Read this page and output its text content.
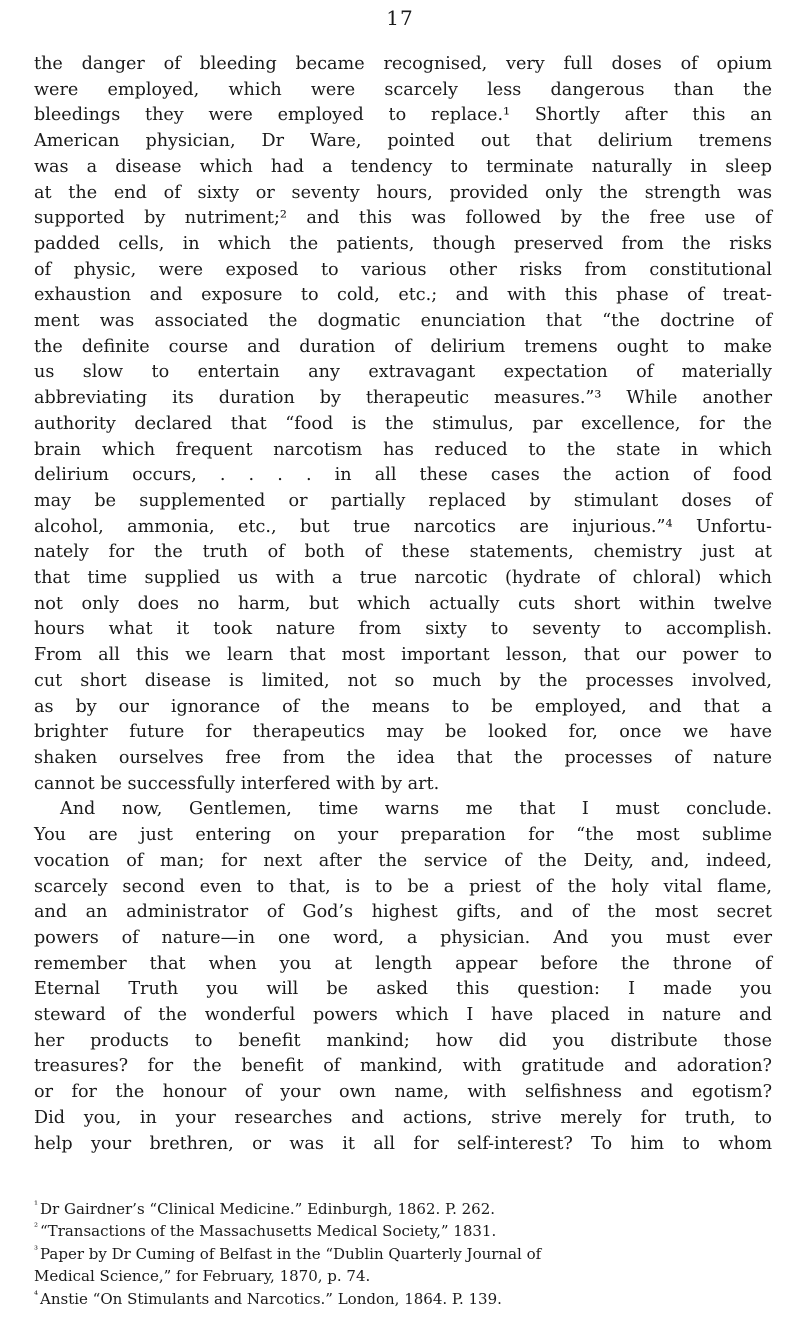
17
the danger of bleeding became recognised, very full doses of opium
were employed, which were scarcely less dangerous than the
bleedings they were employed to replace.¹ Shortly after this an
American physician, Dr Ware, pointed out that delirium tremens
was a disease which had a tendency to terminate naturally in sleep
at the end of sixty or seventy hours, provided only the strength was
supported by nutriment;² and this was followed by the free use of
padded cells, in which the patients, though preserved from the risks
of physic, were exposed to various other risks from constitutional
exhaustion and exposure to cold, etc.; and with this phase of treat-
ment was associated the dogmatic enunciation that “the doctrine of
the definite course and duration of delirium tremens ought to make
us slow to entertain any extravagant expectation of materially
abbreviating its duration by therapeutic measures.”³ While another
authority declared that “food is the stimulus, par excellence, for the
brain which frequent narcotism has reduced to the state in which
delirium occurs, . . . . in all these cases the action of food
may be supplemented or partially replaced by stimulant doses of
alcohol, ammonia, etc., but true narcotics are injurious.”⁴ Unfortu-
nately for the truth of both of these statements, chemistry just at
that time supplied us with a true narcotic (hydrate of chloral) which
not only does no harm, but which actually cuts short within twelve
hours what it took nature from sixty to seventy to accomplish.
From all this we learn that most important lesson, that our power to
cut short disease is limited, not so much by the processes involved,
as by our ignorance of the means to be employed, and that a
brighter future for therapeutics may be looked for, once we have
shaken ourselves free from the idea that the processes of nature
cannot be successfully interfered with by art.
And now, Gentlemen, time warns me that I must conclude.
You are just entering on your preparation for “the most sublime
vocation of man; for next after the service of the Deity, and, indeed,
scarcely second even to that, is to be a priest of the holy vital flame,
and an administrator of God’s highest gifts, and of the most secret
powers of nature—in one word, a physician. And you must ever
remember that when you at length appear before the throne of
Eternal Truth you will be asked this question: I made you
steward of the wonderful powers which I have placed in nature and
her products to benefit mankind; how did you distribute those
treasures? for the benefit of mankind, with gratitude and adoration?
or for the honour of your own name, with selfishness and egotism?
Did you, in your researches and actions, strive merely for truth, to
help your brethren, or was it all for self-interest? To him to whom
$^{^1}$ Dr Gairdner’s “Clinical Medicine.” Edinburgh, 1862. P. 262.
$^{^2}$ “Transactions of the Massachusetts Medical Society,” 1831.
$^{^3}$ Paper by Dr Cuming of Belfast in the “Dublin Quarterly Journal of
Medical Science,” for February, 1870, p. 74.
$^{^4}$ Anstie “On Stimulants and Narcotics.” London, 1864. P. 139.
